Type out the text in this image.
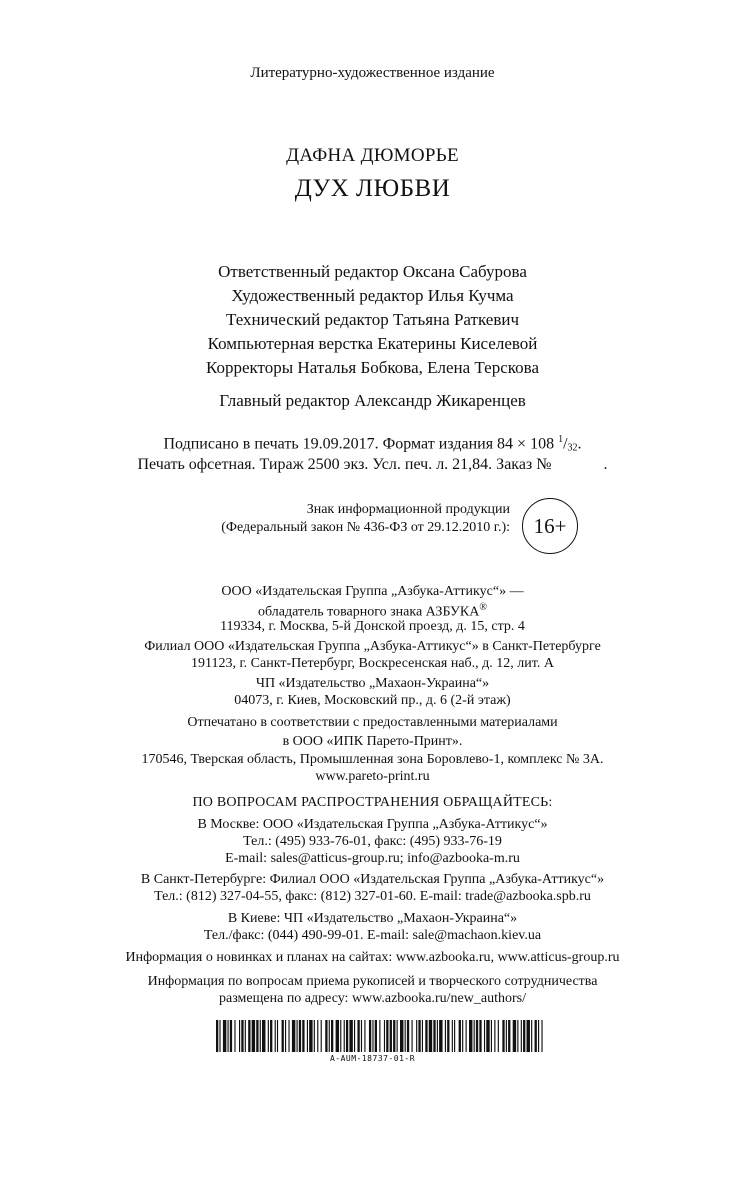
Литературно-художественное издание
ДАФНА ДЮМОРЬЕ
ДУХ ЛЮБВИ
Ответственный редактор Оксана Сабурова
Художественный редактор Илья Кучма
Технический редактор Татьяна Раткевич
Компьютерная верстка Екатерины Киселевой
Корректоры Наталья Бобкова, Елена Терскова
Главный редактор Александр Жикаренцев
Подписано в печать 19.09.2017. Формат издания 84 × 108 $^1/_{32}$.
Печать офсетная. Тираж 2500 экз. Усл. печ. л. 21,84. Заказ №	.
Знак информационной продукции
(Федеральный закон № 436-ФЗ от 29.12.2010 г.):	16+
ООО «Издательская Группа „Азбука-Аттикус“» —
обладатель товарного знака АЗБУКА®
119334, г. Москва, 5-й Донской проезд, д. 15, стр. 4
Филиал ООО «Издательская Группа „Азбука-Аттикус“» в Санкт-Петербурге
191123, г. Санкт-Петербург, Воскресенская наб., д. 12, лит. А
ЧП «Издательство „Махаон-Украина“»
04073, г. Киев, Московский пр., д. 6 (2-й этаж)
Отпечатано в соответствии с предоставленными материалами
в ООО «ИПК Парето-Принт».
170546, Тверская область, Промышленная зона Боровлево-1, комплекс № 3А.
www.pareto-print.ru
ПО ВОПРОСАМ РАСПРОСТРАНЕНИЯ ОБРАЩАЙТЕСЬ:
В Москве: ООО «Издательская Группа „Азбука-Аттикус“»
Тел.: (495) 933-76-01, факс: (495) 933-76-19
E-mail: sales@atticus-group.ru; info@azbooka-m.ru
В Санкт-Петербурге: Филиал ООО «Издательская Группа „Азбука-Аттикус“»
Тел.: (812) 327-04-55, факс: (812) 327-01-60. E-mail: trade@azbooka.spb.ru
В Киеве: ЧП «Издательство „Махаон-Украина“»
Тел./факс: (044) 490-99-01. E-mail: sale@machaon.kiev.ua
Информация о новинках и планах на сайтах: www.azbooka.ru, www.atticus-group.ru
Информация по вопросам приема рукописей и творческого сотрудничества
размещена по адресу: www.azbooka.ru/new_authors/
A-AUM-18737-01-R
